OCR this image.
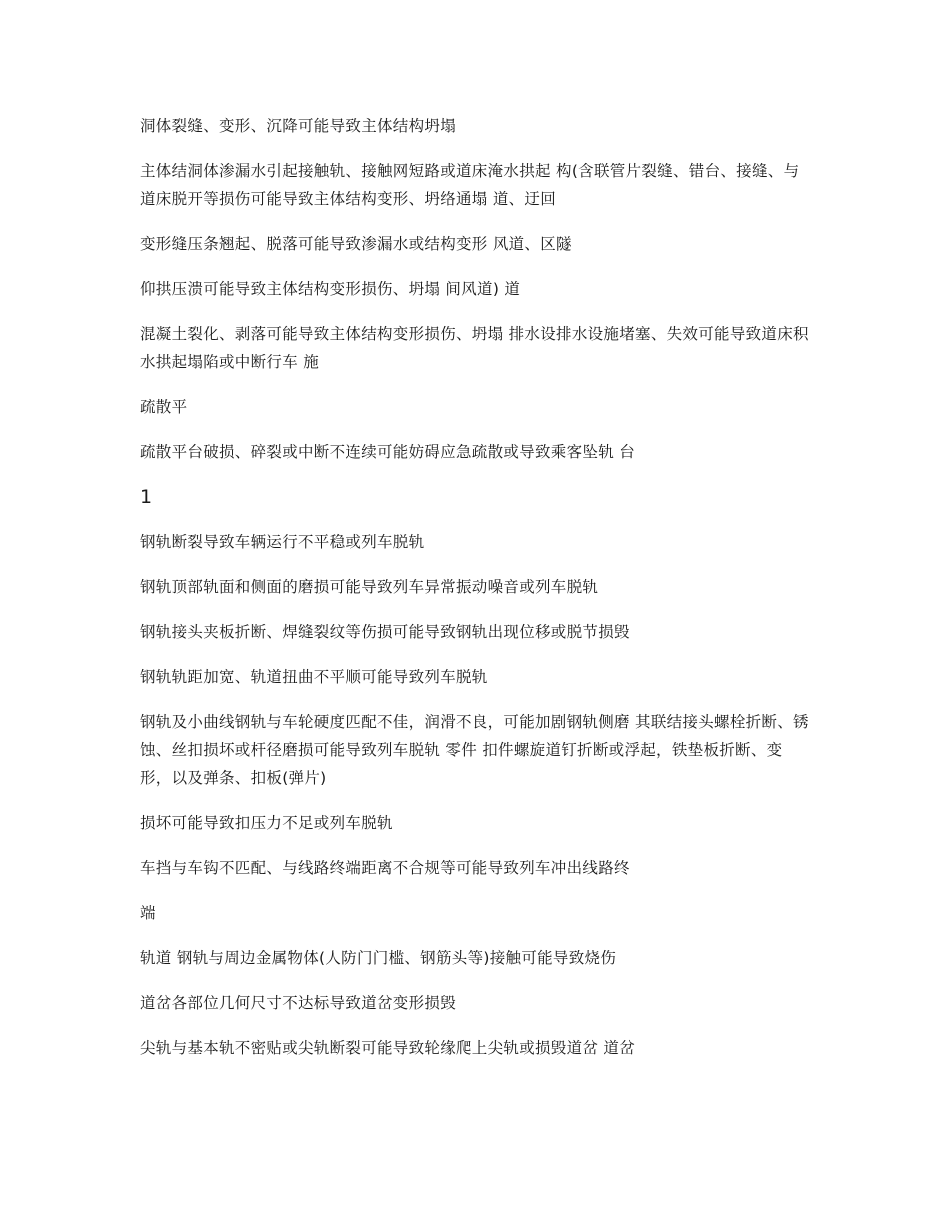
洞体裂缝、变形、沉降可能导致主体结构坍塌

主体结洞体渗漏水引起接触轨、接触网短路或道床淹水拱起 构(含联管片裂缝、错台、接缝、与道床脱开等损伤可能导致主体结构变形、坍络通塌 道、迂回

变形缝压条翘起、脱落可能导致渗漏水或结构变形 风道、区隧

仰拱压溃可能导致主体结构变形损伤、坍塌 间风道) 道

混凝土裂化、剥落可能导致主体结构变形损伤、坍塌 排水设排水设施堵塞、失效可能导致道床积水拱起塌陷或中断行车 施

疏散平

疏散平台破损、碎裂或中断不连续可能妨碍应急疏散或导致乘客坠轨 台

1

钢轨断裂导致车辆运行不平稳或列车脱轨

钢轨顶部轨面和侧面的磨损可能导致列车异常振动噪音或列车脱轨

钢轨接头夹板折断、焊缝裂纹等伤损可能导致钢轨出现位移或脱节损毁

钢轨轨距加宽、轨道扭曲不平顺可能导致列车脱轨

钢轨及小曲线钢轨与车轮硬度匹配不佳，润滑不良，可能加剧钢轨侧磨 其联结接头螺栓折断、锈蚀、丝扣损坏或杆径磨损可能导致列车脱轨 零件 扣件螺旋道钉折断或浮起，铁垫板折断、变形，以及弹条、扣板(弹片)

损坏可能导致扣压力不足或列车脱轨

车挡与车钩不匹配、与线路终端距离不合规等可能导致列车冲出线路终

端

轨道 钢轨与周边金属物体(人防门门槛、钢筋头等)接触可能导致烧伤

道岔各部位几何尺寸不达标导致道岔变形损毁

尖轨与基本轨不密贴或尖轨断裂可能导致轮缘爬上尖轨或损毁道岔 道岔
